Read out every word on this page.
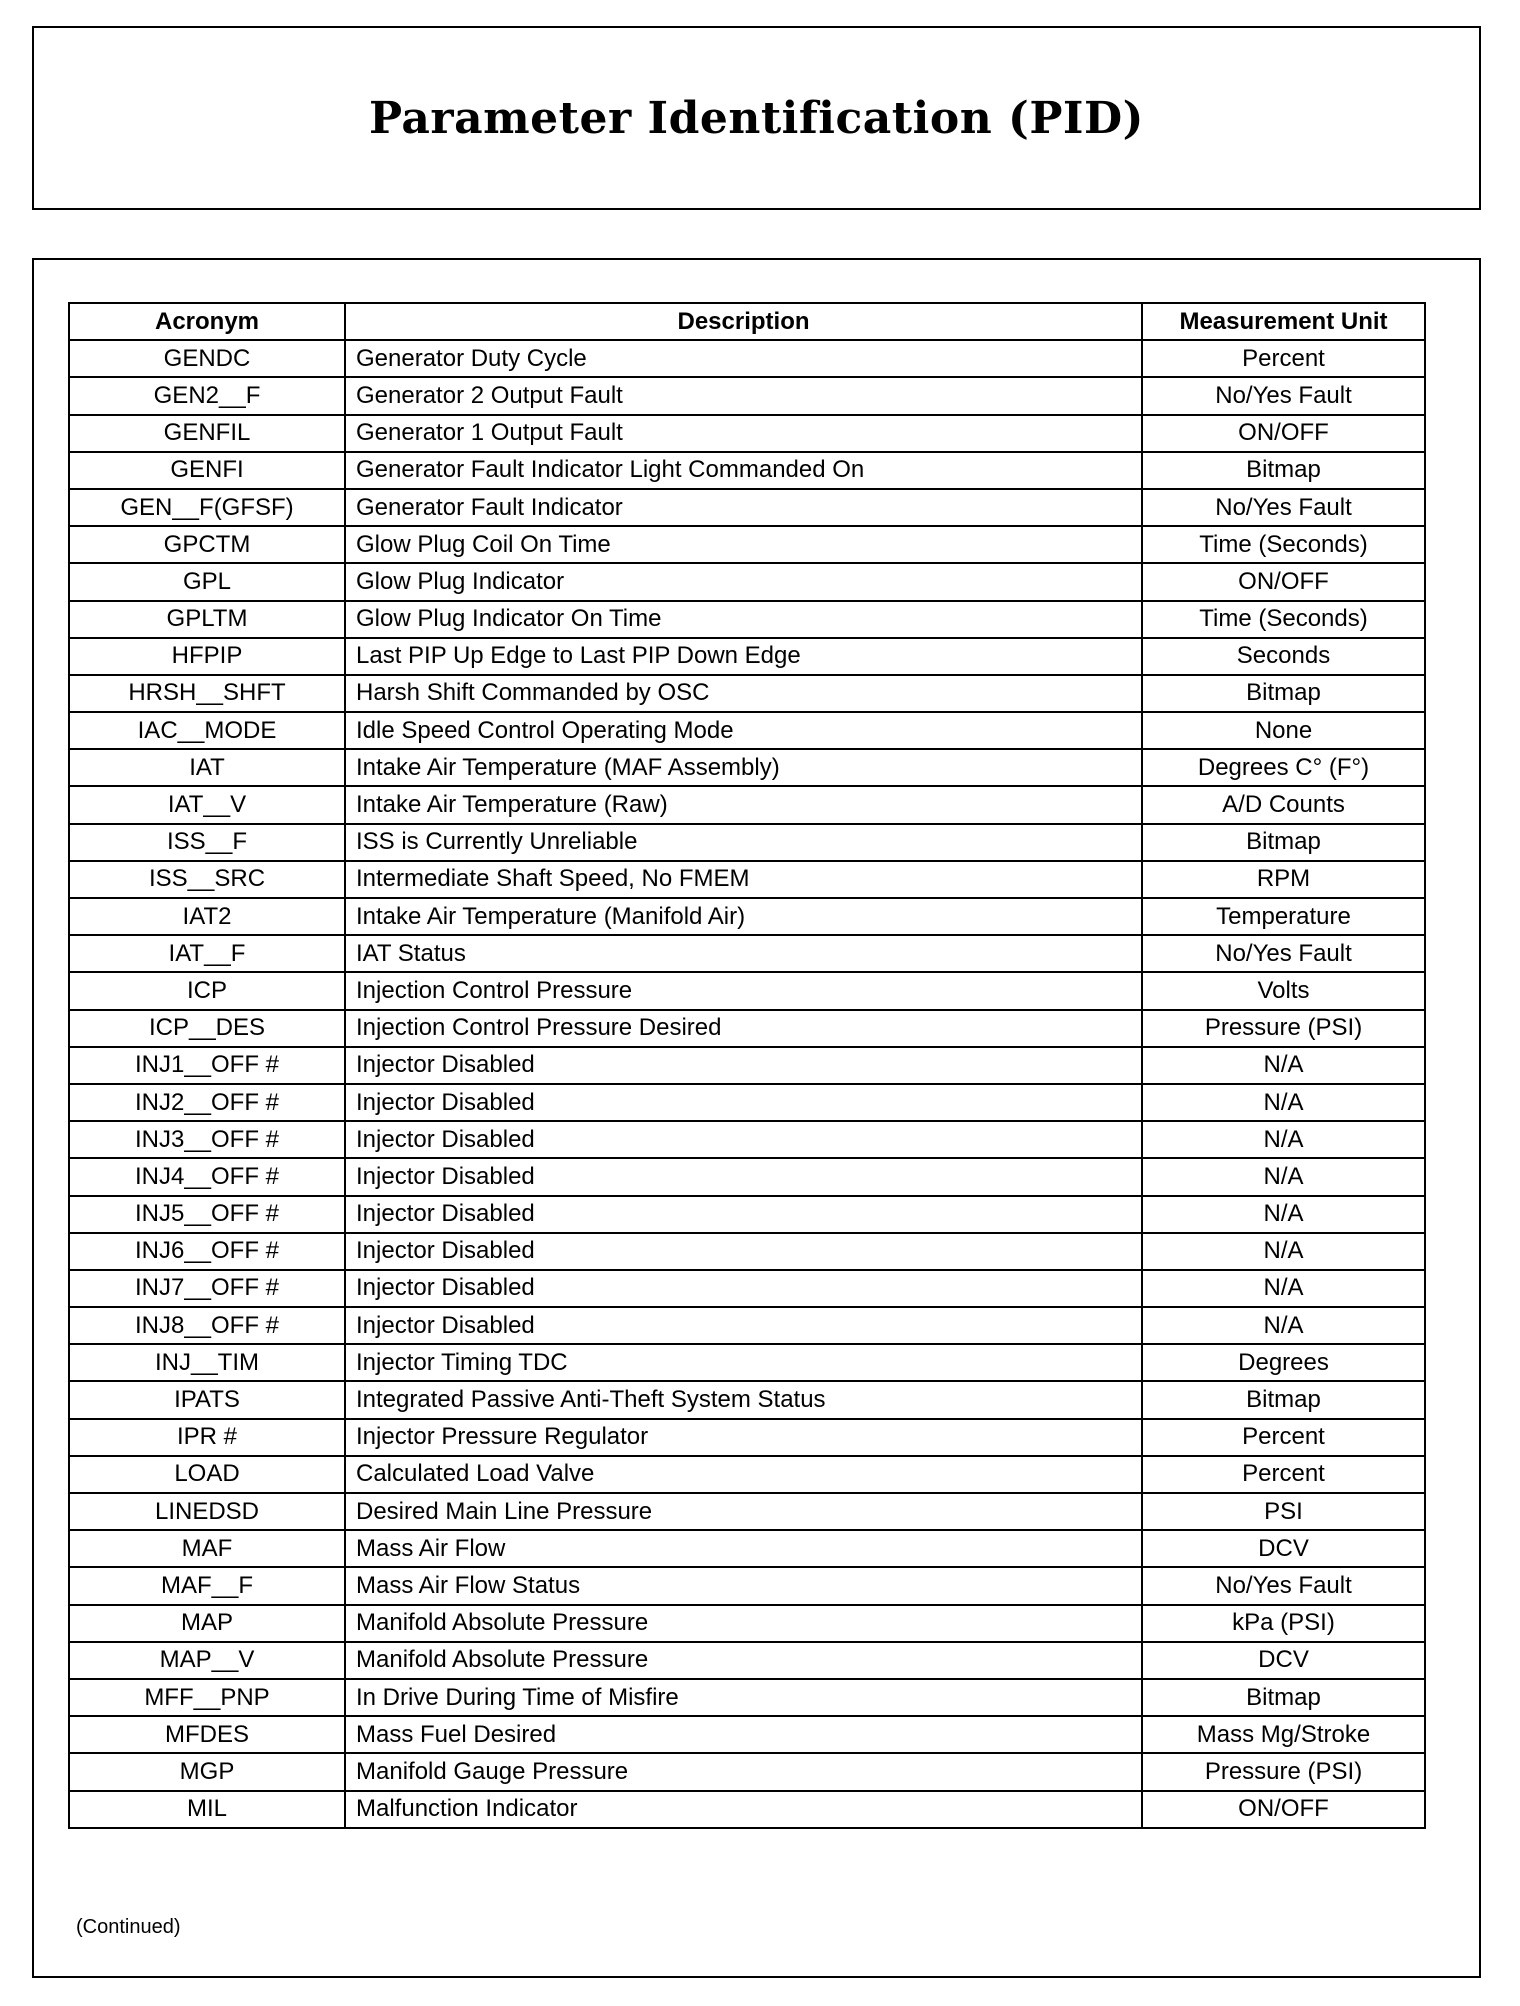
Parameter Identification (PID)
Acronym	Description	Measurement Unit
GENDC	Generator Duty Cycle	Percent
GEN2__F	Generator 2 Output Fault	No/Yes Fault
GENFIL	Generator 1 Output Fault	ON/OFF
GENFI	Generator Fault Indicator Light Commanded On	Bitmap
GEN__F(GFSF)	Generator Fault Indicator	No/Yes Fault
GPCTM	Glow Plug Coil On Time	Time (Seconds)
GPL	Glow Plug Indicator	ON/OFF
GPLTM	Glow Plug Indicator On Time	Time (Seconds)
HFPIP	Last PIP Up Edge to Last PIP Down Edge	Seconds
HRSH__SHFT	Harsh Shift Commanded by OSC	Bitmap
IAC__MODE	Idle Speed Control Operating Mode	None
IAT	Intake Air Temperature (MAF Assembly)	Degrees C° (F°)
IAT__V	Intake Air Temperature (Raw)	A/D Counts
ISS__F	ISS is Currently Unreliable	Bitmap
ISS__SRC	Intermediate Shaft Speed, No FMEM	RPM
IAT2	Intake Air Temperature (Manifold Air)	Temperature
IAT__F	IAT Status	No/Yes Fault
ICP	Injection Control Pressure	Volts
ICP__DES	Injection Control Pressure Desired	Pressure (PSI)
INJ1__OFF #	Injector Disabled	N/A
INJ2__OFF #	Injector Disabled	N/A
INJ3__OFF #	Injector Disabled	N/A
INJ4__OFF #	Injector Disabled	N/A
INJ5__OFF #	Injector Disabled	N/A
INJ6__OFF #	Injector Disabled	N/A
INJ7__OFF #	Injector Disabled	N/A
INJ8__OFF #	Injector Disabled	N/A
INJ__TIM	Injector Timing TDC	Degrees
IPATS	Integrated Passive Anti-Theft System Status	Bitmap
IPR #	Injector Pressure Regulator	Percent
LOAD	Calculated Load Valve	Percent
LINEDSD	Desired Main Line Pressure	PSI
MAF	Mass Air Flow	DCV
MAF__F	Mass Air Flow Status	No/Yes Fault
MAP	Manifold Absolute Pressure	kPa (PSI)
MAP__V	Manifold Absolute Pressure	DCV
MFF__PNP	In Drive During Time of Misfire	Bitmap
MFDES	Mass Fuel Desired	Mass Mg/Stroke
MGP	Manifold Gauge Pressure	Pressure (PSI)
MIL	Malfunction Indicator	ON/OFF
(Continued)
